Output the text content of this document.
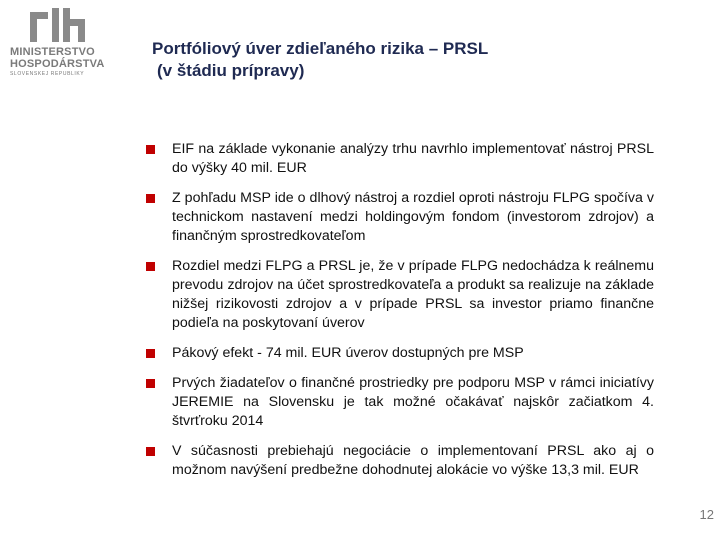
MINISTERSTVO
HOSPODÁRSTVA
SLOVENSKEJ REPUBLIKY
Portfóliový úver zdieľaného rizika – PRSL
(v štádiu prípravy)
EIF na základe vykonanie analýzy trhu navrhlo implementovať nástroj PRSL do výšky 40 mil. EUR
Z pohľadu MSP ide o dlhový nástroj a rozdiel oproti nástroju FLPG spočíva v technickom nastavení medzi holdingovým fondom (investorom zdrojov) a finančným sprostredkovateľom
Rozdiel medzi FLPG a PRSL je, že v prípade FLPG nedochádza k reálnemu prevodu zdrojov na účet sprostredkovateľa a produkt sa realizuje na základe nižšej rizikovosti zdrojov a v prípade PRSL sa investor priamo finančne podieľa na poskytovaní úverov
Pákový efekt - 74 mil. EUR úverov dostupných pre MSP
Prvých žiadateľov o finančné prostriedky pre podporu MSP v rámci iniciatívy JEREMIE na Slovensku je tak možné očakávať najskôr začiatkom 4. štvrťroku 2014
V súčasnosti prebiehajú negociácie o implementovaní PRSL ako aj o možnom navýšení predbežne dohodnutej alokácie vo výške 13,3 mil. EUR
12
